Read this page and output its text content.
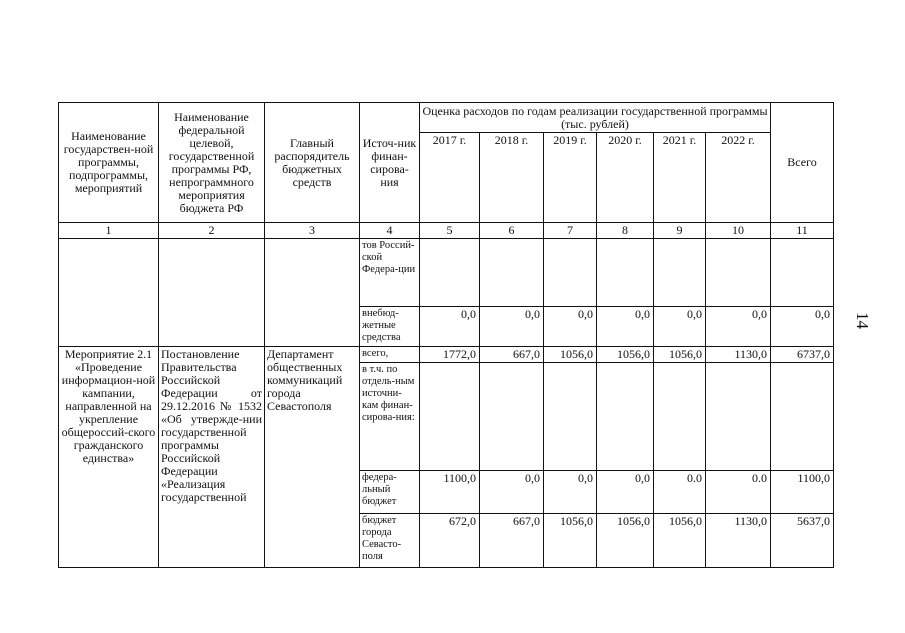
Наименование государствен-ной программы, подпрограммы, мероприятий	Наименование федеральной целевой, государственной программы РФ, непрограммного мероприятия бюджета РФ	Главный распорядитель бюджетных средств	Источ-ник финан-сирова-ния	Оценка расходов по годам реализации государственной программы (тыс. рублей)						Всего
				2017 г.	2018 г.	2019 г.	2020 г.	2021 г.	2022 г.	
1	2	3	4	5	6	7	8	9	10	11
			тов Россий-ской Федера-ции							
			внебюд-жетные средства	0,0	0,0	0,0	0,0	0,0	0,0	0,0
Мероприятие 2.1 «Проведение информацион-ной кампании, направленной на укрепление общероссий-ского гражданского единства»	Постановление Правительства Российской Федерации от 29.12.2016 № 1532 «Об утвержде-нии государственной программы Российской Федерации «Реализация государственной	Департамент общественных коммуникаций города Севастополя	всего,	1772,0	667,0	1056,0	1056,0	1056,0	1130,0	6737,0
			в т.ч. по отдель-ным источни-кам финан-сирова-ния:							
			федера-льный бюджет	1100,0	0,0	0,0	0,0	0.0	0.0	1100,0
			бюджет города Севасто-поля	672,0	667,0	1056,0	1056,0	1056,0	1130,0	5637,0
14
